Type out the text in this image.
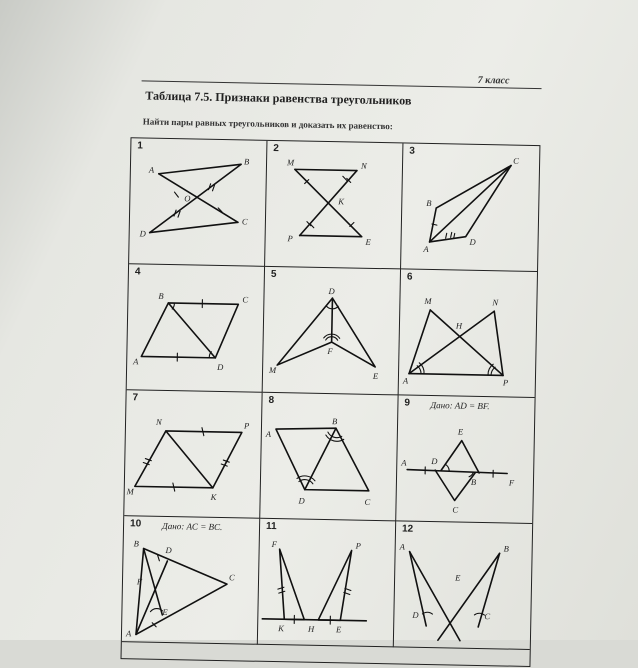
7 класс
Таблица 7.5. Признаки равенства треугольников
Найти пары равных треугольников и доказать их равенство:
1
A
B
O
C
D
2
M	N
K
P	E
3
C
B
A
D
4
B	C
A
D
5
D
F
M
E
6
M	N
H
A	P
7
N	P
M
K
8
B
A
D	C
9 Дано: AD = BF.
E
A	D
B	F
C
10 Дано: AC = BC.
B
D
F	C
E
A
11
F	P
K	H	E
12
A	B
E
D	C
